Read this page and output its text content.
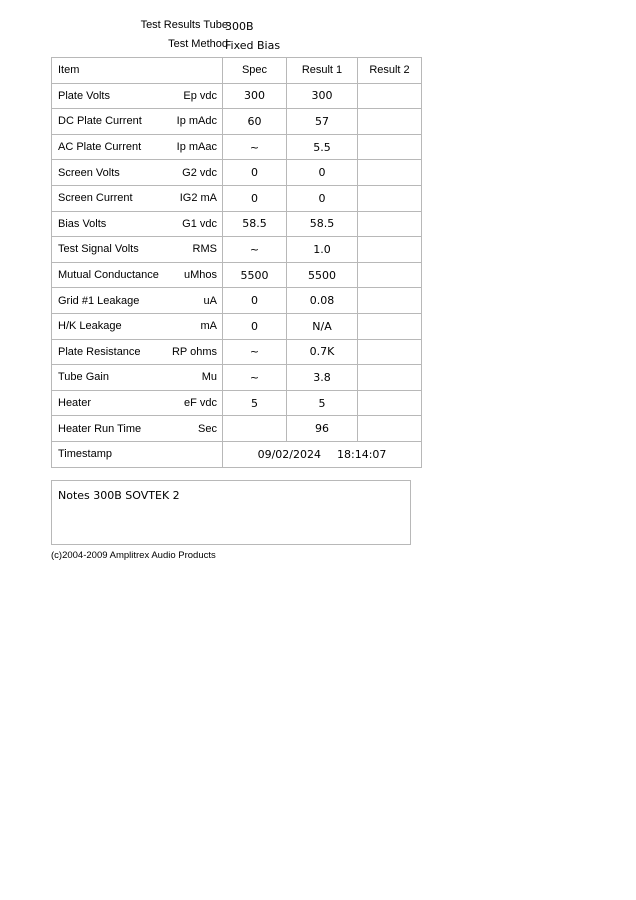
Test Results Tube
300B
Test Method
Fixed Bias
Item	Spec	Result 1	Result 2

Plate Volts Ep vdc	300	300	

DC Plate Current Ip mAdc	60	57	

AC Plate Current Ip mAac	~	5.5	

Screen Volts G2 vdc	0	0	

Screen Current IG2 mA	0	0	

Bias Volts G1 vdc	58.5	58.5	

Test Signal Volts RMS	~	1.0	

Mutual Conductance uMhos	5500	5500	

Grid #1 Leakage uA	0	0.08	

H/K Leakage mA	0	N/A	

Plate Resistance RP ohms	~	0.7K	

Tube Gain Mu	~	3.8	

Heater eF vdc	5	5	

Heater Run Time Sec		96	
Timestamp	09/02/2024 18:14:07		
Notes 300B SOVTEK 2
(c)2004-2009 Amplitrex Audio Products
